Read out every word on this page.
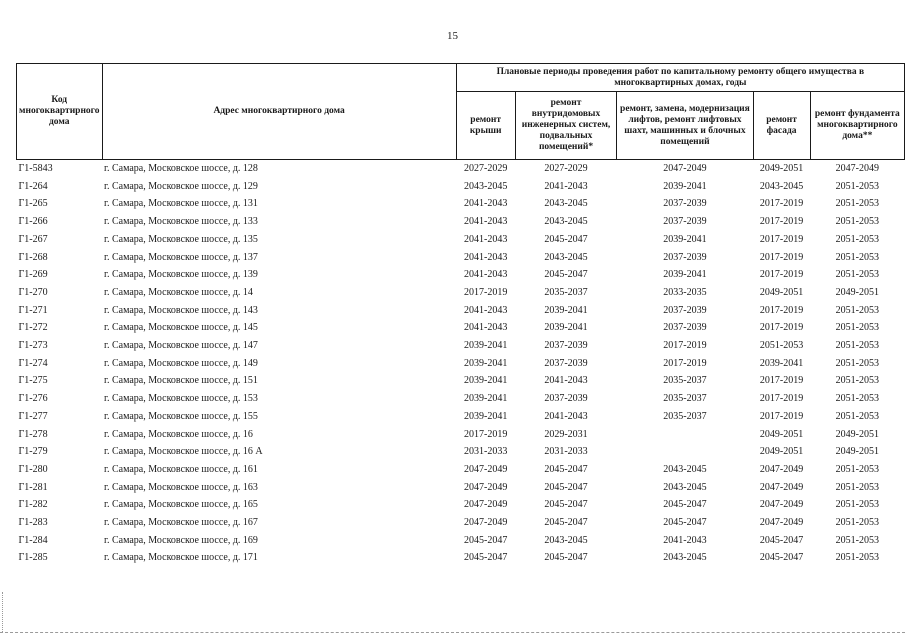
15
Код многоквартирного дома	Адрес многоквартирного дома	Плановые периоды проведения работ по капитальному ремонту общего имущества в многоквартирных домах, годы				
		ремонт крыши	ремонт внутридомовых инженерных систем, подвальных помещений*	ремонт, замена, модернизация лифтов, ремонт лифтовых шахт, машинных и блочных помещений	ремонт фасада	ремонт фундамента многоквартирного дома**
Г1-5843	г. Самара, Московское шоссе, д. 128	2027-2029	2027-2029	2047-2049	2049-2051	2047-2049
Г1-264	г. Самара, Московское шоссе, д. 129	2043-2045	2041-2043	2039-2041	2043-2045	2051-2053
Г1-265	г. Самара, Московское шоссе, д. 131	2041-2043	2043-2045	2037-2039	2017-2019	2051-2053
Г1-266	г. Самара, Московское шоссе, д. 133	2041-2043	2043-2045	2037-2039	2017-2019	2051-2053
Г1-267	г. Самара, Московское шоссе, д. 135	2041-2043	2045-2047	2039-2041	2017-2019	2051-2053
Г1-268	г. Самара, Московское шоссе, д. 137	2041-2043	2043-2045	2037-2039	2017-2019	2051-2053
Г1-269	г. Самара, Московское шоссе, д. 139	2041-2043	2045-2047	2039-2041	2017-2019	2051-2053
Г1-270	г. Самара, Московское шоссе, д. 14	2017-2019	2035-2037	2033-2035	2049-2051	2049-2051
Г1-271	г. Самара, Московское шоссе, д. 143	2041-2043	2039-2041	2037-2039	2017-2019	2051-2053
Г1-272	г. Самара, Московское шоссе, д. 145	2041-2043	2039-2041	2037-2039	2017-2019	2051-2053
Г1-273	г. Самара, Московское шоссе, д. 147	2039-2041	2037-2039	2017-2019	2051-2053	2051-2053
Г1-274	г. Самара, Московское шоссе, д. 149	2039-2041	2037-2039	2017-2019	2039-2041	2051-2053
Г1-275	г. Самара, Московское шоссе, д. 151	2039-2041	2041-2043	2035-2037	2017-2019	2051-2053
Г1-276	г. Самара, Московское шоссе, д. 153	2039-2041	2037-2039	2035-2037	2017-2019	2051-2053
Г1-277	г. Самара, Московское шоссе, д. 155	2039-2041	2041-2043	2035-2037	2017-2019	2051-2053
Г1-278	г. Самара, Московское шоссе, д. 16	2017-2019	2029-2031		2049-2051	2049-2051
Г1-279	г. Самара, Московское шоссе, д. 16 А	2031-2033	2031-2033		2049-2051	2049-2051
Г1-280	г. Самара, Московское шоссе, д. 161	2047-2049	2045-2047	2043-2045	2047-2049	2051-2053
Г1-281	г. Самара, Московское шоссе, д. 163	2047-2049	2045-2047	2043-2045	2047-2049	2051-2053
Г1-282	г. Самара, Московское шоссе, д. 165	2047-2049	2045-2047	2045-2047	2047-2049	2051-2053
Г1-283	г. Самара, Московское шоссе, д. 167	2047-2049	2045-2047	2045-2047	2047-2049	2051-2053
Г1-284	г. Самара, Московское шоссе, д. 169	2045-2047	2043-2045	2041-2043	2045-2047	2051-2053
Г1-285	г. Самара, Московское шоссе, д. 171	2045-2047	2045-2047	2043-2045	2045-2047	2051-2053
